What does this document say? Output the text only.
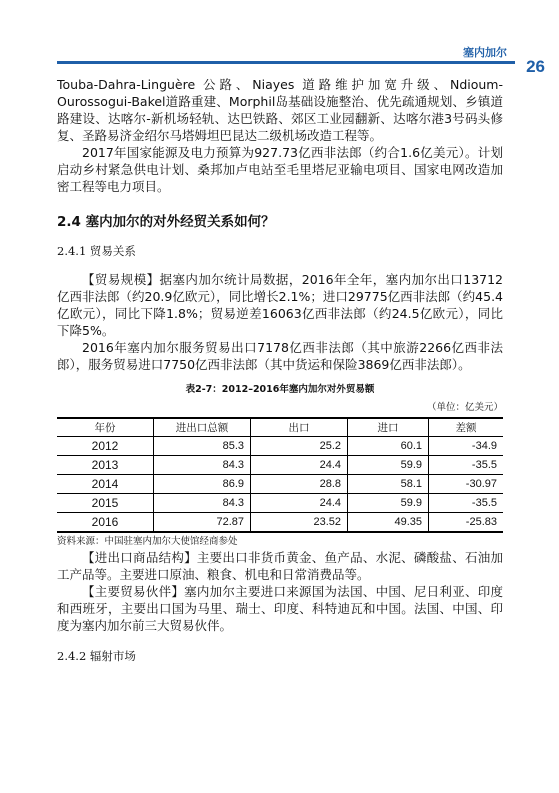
塞内加尔
26

Touba-Dahra-Linguère 公路、Niayes 道路维护加宽升级、Ndioum-Ourossogui-Bakel道路重建、Morphil岛基础设施整治、优先疏通规划、乡镇道路建设、达喀尔-新机场轻轨、达巴铁路、郊区工业园翻新、达喀尔港3号码头修复、圣路易济金绍尔马塔姆坦巴昆达二级机场改造工程等。

2017年国家能源及电力预算为927.73亿西非法郎（约合1.6亿美元）。计划启动乡村紧急供电计划、桑邦加卢电站至毛里塔尼亚输电项目、国家电网改造加密工程等电力项目。

2.4 塞内加尔的对外经贸关系如何？
2.4.1 贸易关系

【贸易规模】据塞内加尔统计局数据，2016年全年，塞内加尔出口13712亿西非法郎（约20.9亿欧元），同比增长2.1%；进口29775亿西非法郎（约45.4亿欧元），同比下降1.8%；贸易逆差16063亿西非法郎（约24.5亿欧元），同比下降5%。

2016年塞内加尔服务贸易出口7178亿西非法郎（其中旅游2266亿西非法郎），服务贸易进口7750亿西非法郎（其中货运和保险3869亿西非法郎）。

表2-7：2012–2016年塞内加尔对外贸易额
（单位：亿美元）
年份	进出口总额	出口	进口	差额
2012	85.3	25.2	60.1	-34.9
2013	84.3	24.4	59.9	-35.5
2014	86.9	28.8	58.1	-30.97
2015	84.3	24.4	59.9	-35.5
2016	72.87	23.52	49.35	-25.83
资料来源：中国驻塞内加尔大使馆经商参处

【进出口商品结构】主要出口非货币黄金、鱼产品、水泥、磷酸盐、石油加工产品等。主要进口原油、粮食、机电和日常消费品等。

【主要贸易伙伴】塞内加尔主要进口来源国为法国、中国、尼日利亚、印度和西班牙，主要出口国为马里、瑞士、印度、科特迪瓦和中国。法国、中国、印度为塞内加尔前三大贸易伙伴。

2.4.2 辐射市场
